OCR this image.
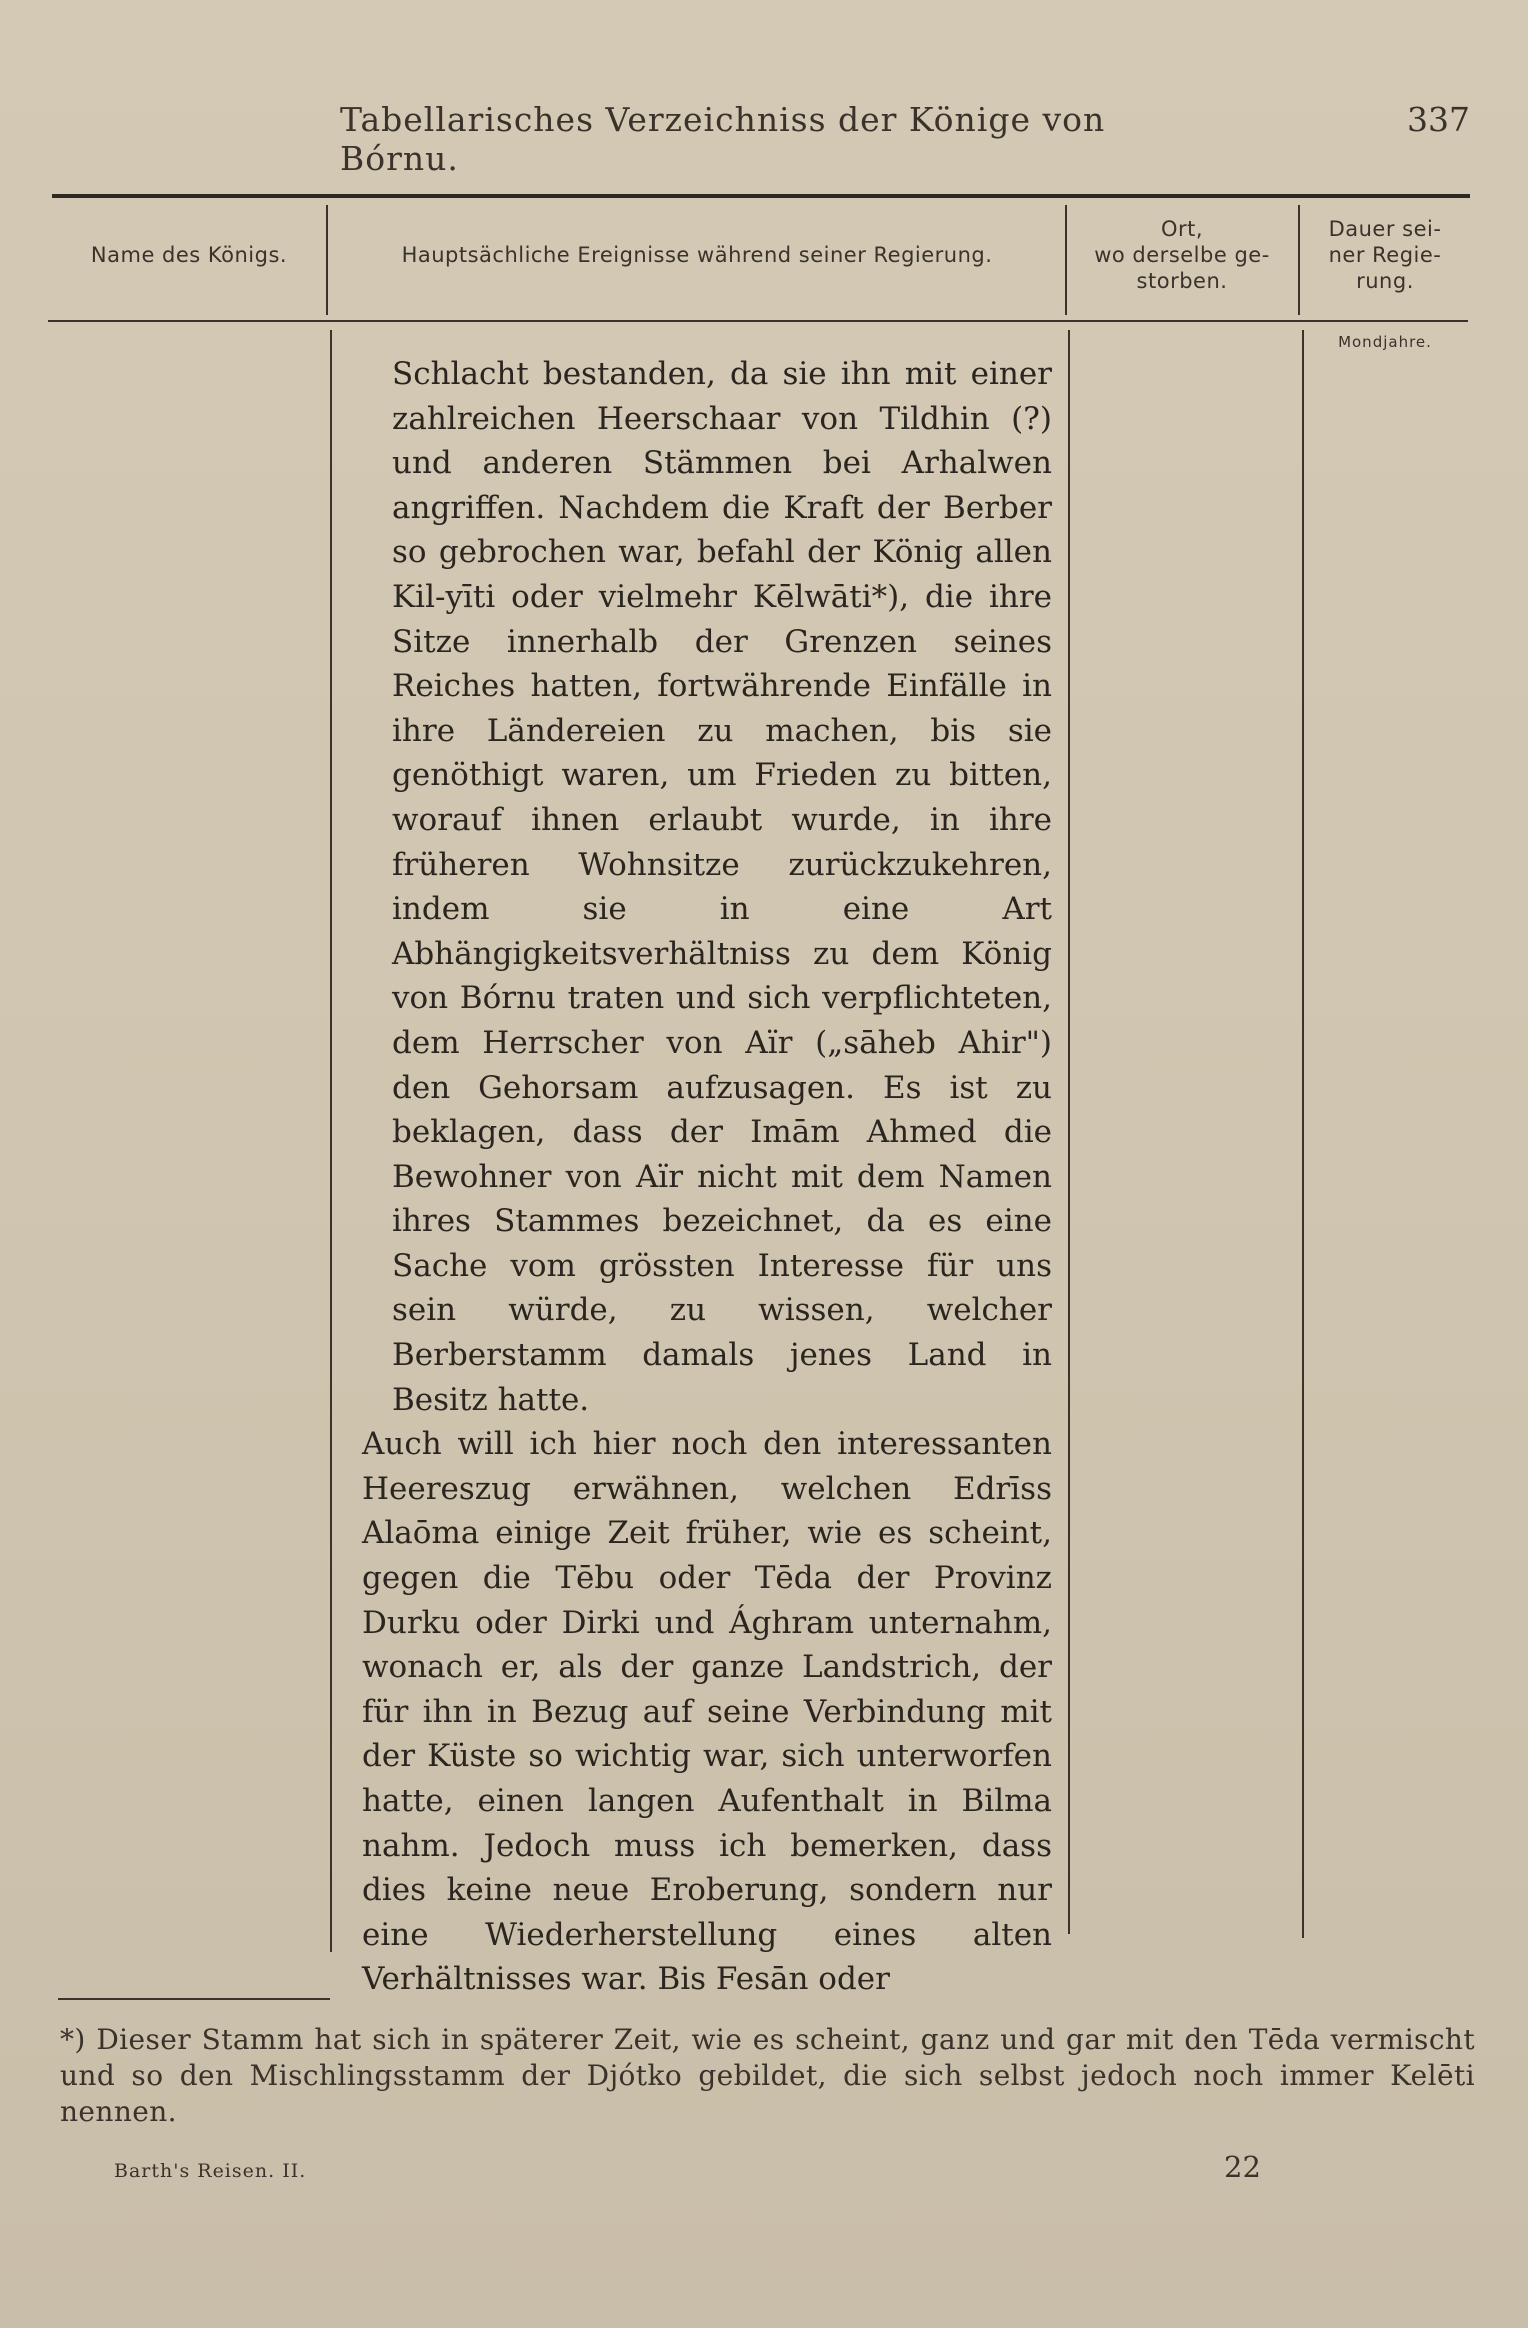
Tabellarisches Verzeichniss der Könige von Bórnu.
337
Name des Königs.	Hauptsächliche Ereignisse während seiner Regierung.
Ort,
wo derselbe ge-
storben.
Dauer sei-
ner Regie-
rung.
Mondjahre.

Schlacht bestanden, da sie ihn mit einer zahlreichen Heerschaar von Tildhin (?) und anderen Stämmen bei Arhalwen angriffen. Nachdem die Kraft der Berber so gebrochen war, befahl der König allen Kil-yīti oder vielmehr Kēlwāti*), die ihre Sitze innerhalb der Grenzen seines Reiches hatten, fortwährende Einfälle in ihre Ländereien zu machen, bis sie genöthigt waren, um Frieden zu bitten, worauf ihnen erlaubt wurde, in ihre früheren Wohnsitze zurückzukehren, indem sie in eine Art Abhängigkeitsverhältniss zu dem König von Bórnu traten und sich verpflichteten, dem Herrscher von Aïr („sāheb Ahir") den Gehorsam aufzusagen. Es ist zu beklagen, dass der Imām Ahmed die Bewohner von Aïr nicht mit dem Namen ihres Stammes bezeichnet, da es eine Sache vom grössten Interesse für uns sein würde, zu wissen, welcher Berberstamm damals jenes Land in Besitz hatte.

Auch will ich hier noch den interessanten Heereszug erwähnen, welchen Edrīss Alaōma einige Zeit früher, wie es scheint, gegen die Tēbu oder Tēda der Provinz Durku oder Dirki und Ághram unternahm, wonach er, als der ganze Landstrich, der für ihn in Bezug auf seine Verbindung mit der Küste so wichtig war, sich unterworfen hatte, einen langen Aufenthalt in Bilma nahm. Jedoch muss ich bemerken, dass dies keine neue Eroberung, sondern nur eine Wiederherstellung eines alten Verhältnisses war. Bis Fesān oder

*) Dieser Stamm hat sich in späterer Zeit, wie es scheint, ganz und gar mit den Tēda vermischt und so den Mischlingsstamm der Djótko gebildet, die sich selbst jedoch noch immer Kelēti nennen.
Barth's Reisen. II.	22
